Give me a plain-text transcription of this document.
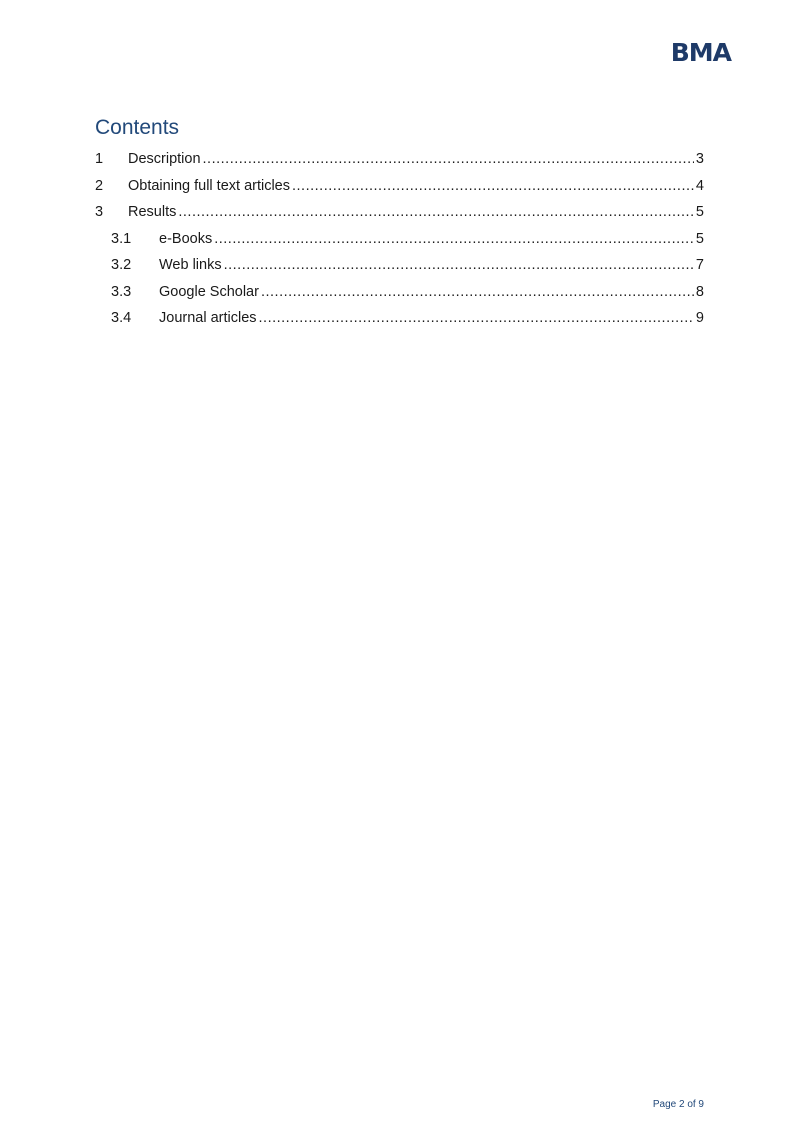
BMA
Contents
1	Description .....	3
2	Obtaining full text articles .....	4
3	Results .....	5
3.1	e-Books .....	5
3.2	Web links .....	7
3.3	Google Scholar .....	8
3.4	Journal articles .....	9
Page 2 of 9
